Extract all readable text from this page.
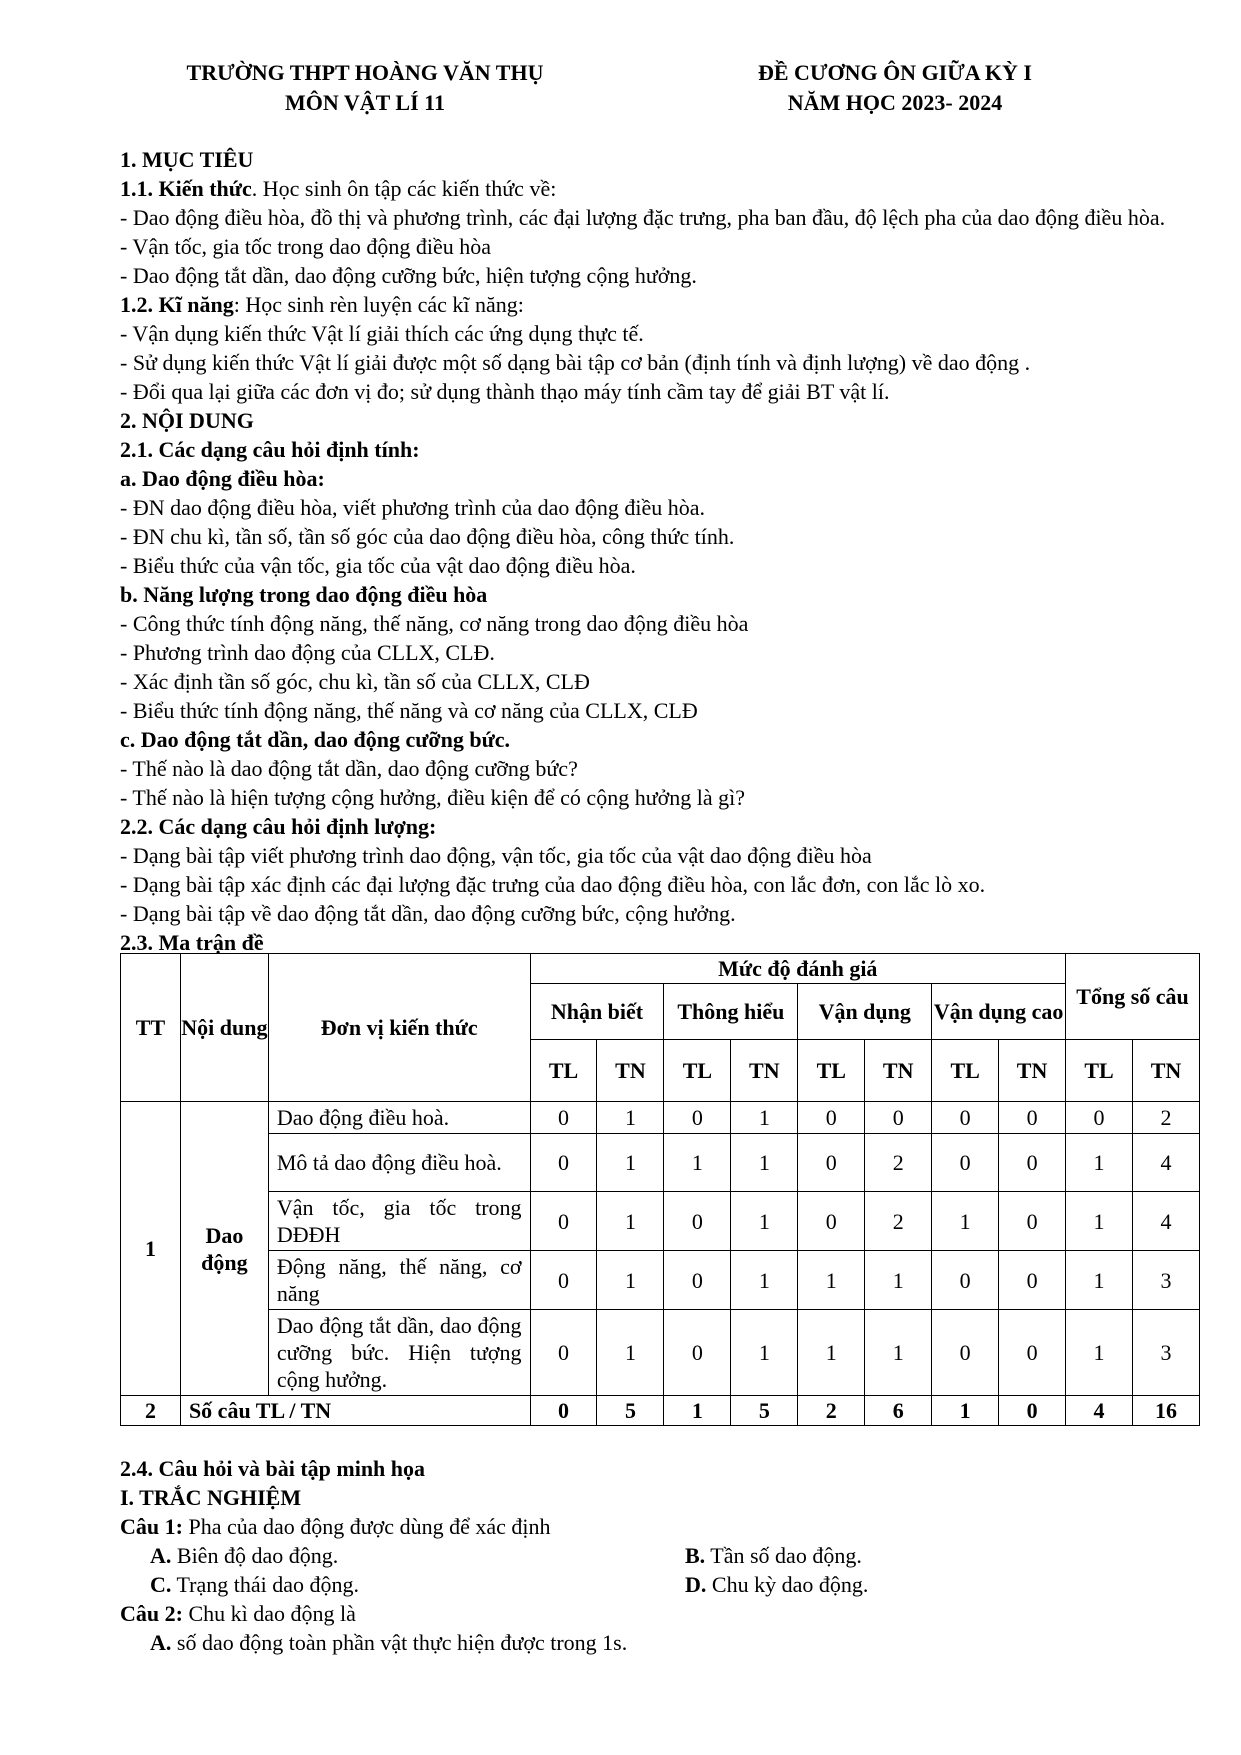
TRƯỜNG THPT HOÀNG VĂN THỤ
MÔN VẬT LÍ 11
ĐỀ CƯƠNG ÔN GIỮA KỲ I
NĂM HỌC 2023- 2024
1. MỤC TIÊU
1.1. Kiến thức. Học sinh ôn tập các kiến thức về:
- Dao động điều hòa, đồ thị và phương trình, các đại lượng đặc trưng, pha ban đầu, độ lệch pha của dao động điều hòa.
- Vận tốc, gia tốc trong dao động điều hòa
- Dao động tắt dần, dao động cưỡng bức, hiện tượng cộng hưởng.
1.2. Kĩ năng: Học sinh rèn luyện các kĩ năng:
- Vận dụng kiến thức Vật lí giải thích các ứng dụng thực tế.
- Sử dụng kiến thức Vật lí giải được một số dạng bài tập cơ bản (định tính và định lượng) về dao động .
- Đổi qua lại giữa các đơn vị đo; sử dụng thành thạo máy tính cầm tay để giải BT vật lí.
2. NỘI DUNG
2.1. Các dạng câu hỏi định tính:
a. Dao động điều hòa:
- ĐN dao động điều hòa, viết phương trình của dao động điều hòa.
- ĐN chu kì, tần số, tần số góc của dao động điều hòa, công thức tính.
- Biểu thức của vận tốc, gia tốc của vật dao động điều hòa.
b. Năng lượng trong dao động điều hòa
- Công thức tính động năng, thế năng, cơ năng trong dao động điều hòa
- Phương trình dao động của CLLX, CLĐ.
- Xác định tần số góc, chu kì, tần số của CLLX, CLĐ
- Biểu thức tính động năng, thế năng và cơ năng của CLLX, CLĐ
c. Dao động tắt dần, dao động cưỡng bức.
- Thế nào là dao động tắt dần, dao động cưỡng bức?
- Thế nào là hiện tượng cộng hưởng, điều kiện để có cộng hưởng là gì?
2.2. Các dạng câu hỏi định lượng:
- Dạng bài tập viết phương trình dao động, vận tốc, gia tốc của vật dao động điều hòa
- Dạng bài tập xác định các đại lượng đặc trưng của dao động điều hòa, con lắc đơn, con lắc lò xo.
- Dạng bài tập về dao động tắt dần, dao động cưỡng bức, cộng hưởng.
2.3. Ma trận đề
TT	Nội dung	Đơn vị kiến thức	Mức độ đánh giá								Tổng số câu	
			Nhận biết		Thông hiểu		Vận dụng		Vận dụng cao			
			TL	TN	TL	TN	TL	TN	TL	TN	TL	TN
1	Dao động	Dao động điều hoà.	0	1	0	1	0	0	0	0	0	2
		Mô tả dao động điều hoà.	0	1	1	1	0	2	0	0	1	4
		Vận tốc, gia tốc trong DĐĐH	0	1	0	1	0	2	1	0	1	4
		Động năng, thế năng, cơ năng	0	1	0	1	1	1	0	0	1	3
		Dao động tắt dần, dao động cưỡng bức. Hiện tượng cộng hưởng.	0	1	0	1	1	1	0	0	1	3
2	Số câu TL / TN		0	5	1	5	2	6	1	0	4	16
2.4. Câu hỏi và bài tập minh họa
I. TRẮC NGHIỆM
Câu 1: Pha của dao động được dùng để xác định
A. Biên độ dao động.	B. Tần số dao động.
C. Trạng thái dao động.	D. Chu kỳ dao động.
Câu 2: Chu kì dao động là
A. số dao động toàn phần vật thực hiện được trong 1s.
